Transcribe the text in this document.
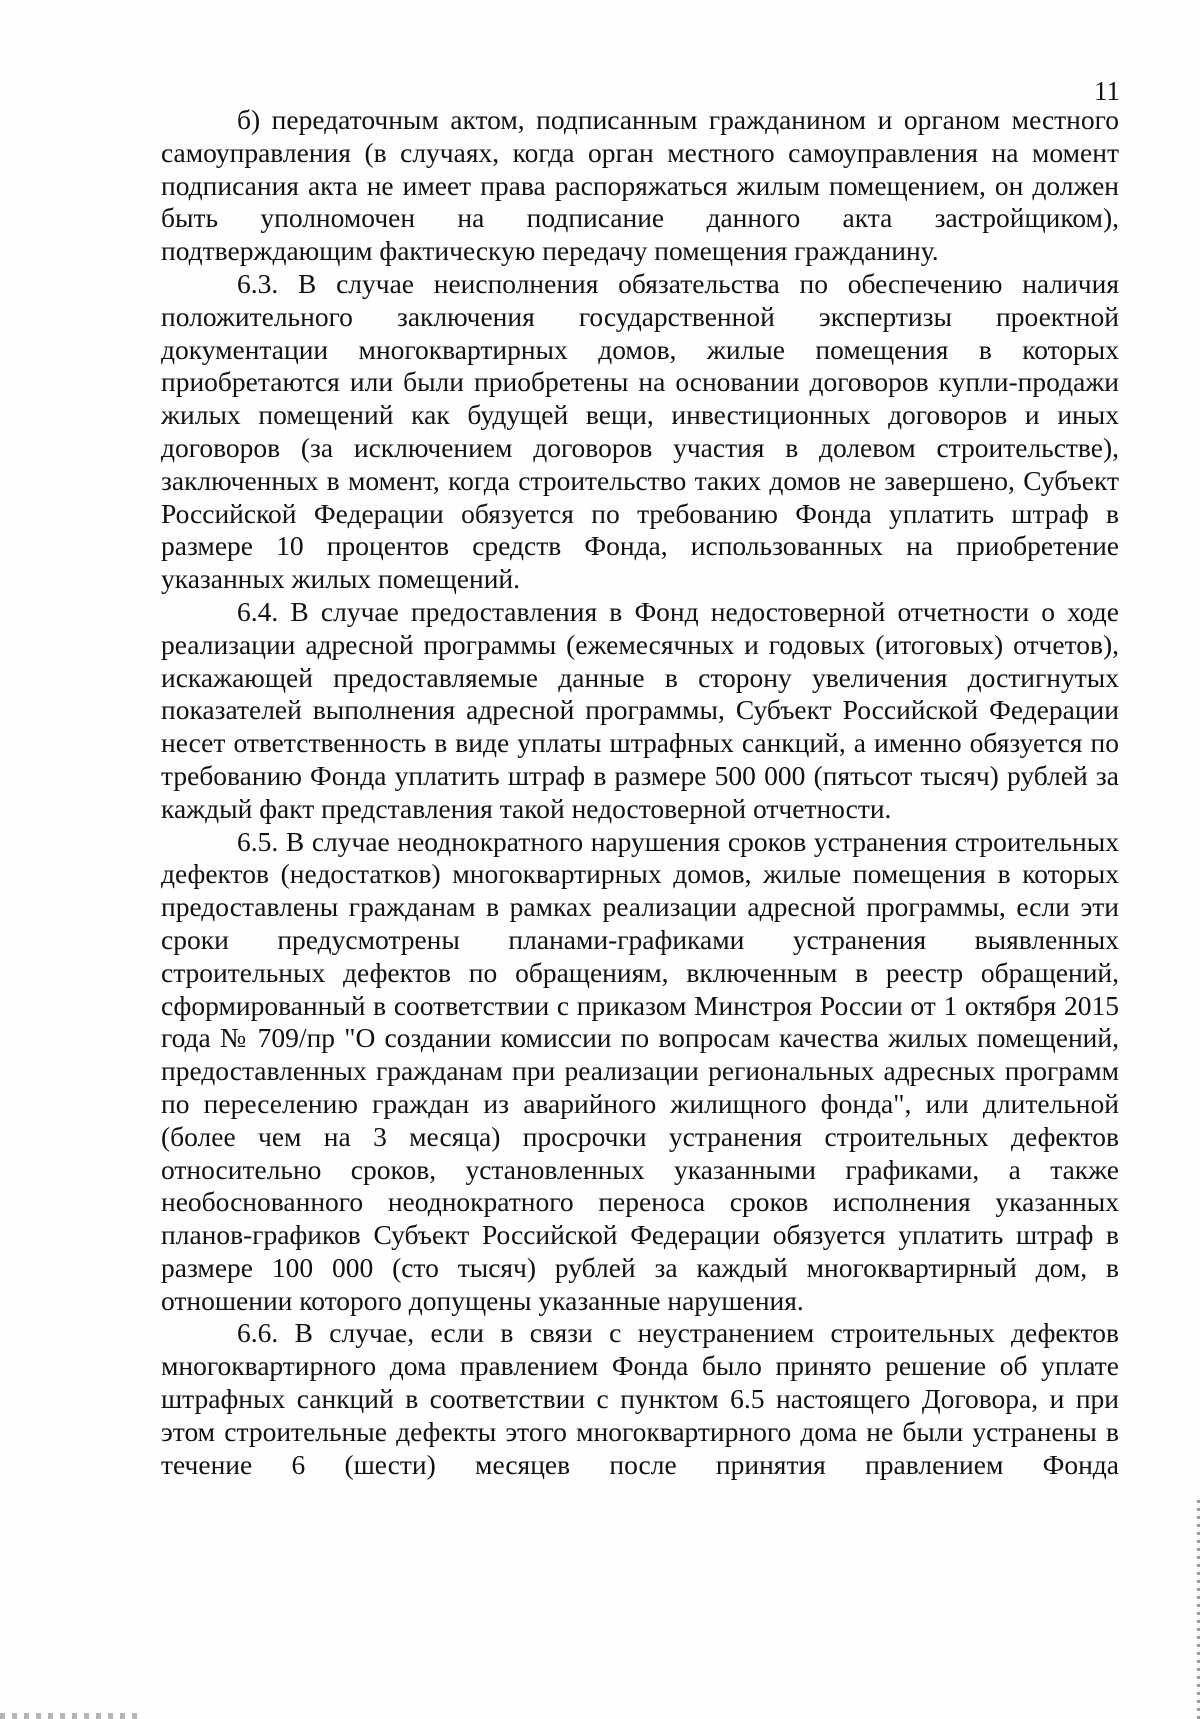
11

б) передаточным актом, подписанным гражданином и органом местного самоуправления (в случаях, когда орган местного самоуправления на момент подписания акта не имеет права распоряжаться жилым помещением, он должен быть уполномочен на подписание данного акта застройщиком), подтверждающим фактическую передачу помещения гражданину.

6.3. В случае неисполнения обязательства по обеспечению наличия положительного заключения государственной экспертизы проектной документации многоквартирных домов, жилые помещения в которых приобретаются или были приобретены на основании договоров купли-продажи жилых помещений как будущей вещи, инвестиционных договоров и иных договоров (за исключением договоров участия в долевом строительстве), заключенных в момент, когда строительство таких домов не завершено, Субъект Российской Федерации обязуется по требованию Фонда уплатить штраф в размере 10 процентов средств Фонда, использованных на приобретение указанных жилых помещений.

6.4. В случае предоставления в Фонд недостоверной отчетности о ходе реализации адресной программы (ежемесячных и годовых (итоговых) отчетов), искажающей предоставляемые данные в сторону увеличения достигнутых показателей выполнения адресной программы, Субъект Российской Федерации несет ответственность в виде уплаты штрафных санкций, а именно обязуется по требованию Фонда уплатить штраф в размере 500 000 (пятьсот тысяч) рублей за каждый факт представления такой недостоверной отчетности.

6.5. В случае неоднократного нарушения сроков устранения строительных дефектов (недостатков) многоквартирных домов, жилые помещения в которых предоставлены гражданам в рамках реализации адресной программы, если эти сроки предусмотрены планами-графиками устранения выявленных строительных дефектов по обращениям, включенным в реестр обращений, сформированный в соответствии с приказом Минстроя России от 1 октября 2015 года № 709/пр "О создании комиссии по вопросам качества жилых помещений, предоставленных гражданам при реализации региональных адресных программ по переселению граждан из аварийного жилищного фонда", или длительной (более чем на 3 месяца) просрочки устранения строительных дефектов относительно сроков, установленных указанными графиками, а также необоснованного неоднократного переноса сроков исполнения указанных планов-графиков Субъект Российской Федерации обязуется уплатить штраф в размере 100 000 (сто тысяч) рублей за каждый многоквартирный дом, в отношении которого допущены указанные нарушения.

6.6. В случае, если в связи с неустранением строительных дефектов многоквартирного дома правлением Фонда было принято решение об уплате штрафных санкций в соответствии с пунктом 6.5 настоящего Договора, и при этом строительные дефекты этого многоквартирного дома не были устранены в течение 6 (шести) месяцев после принятия правлением Фонда
